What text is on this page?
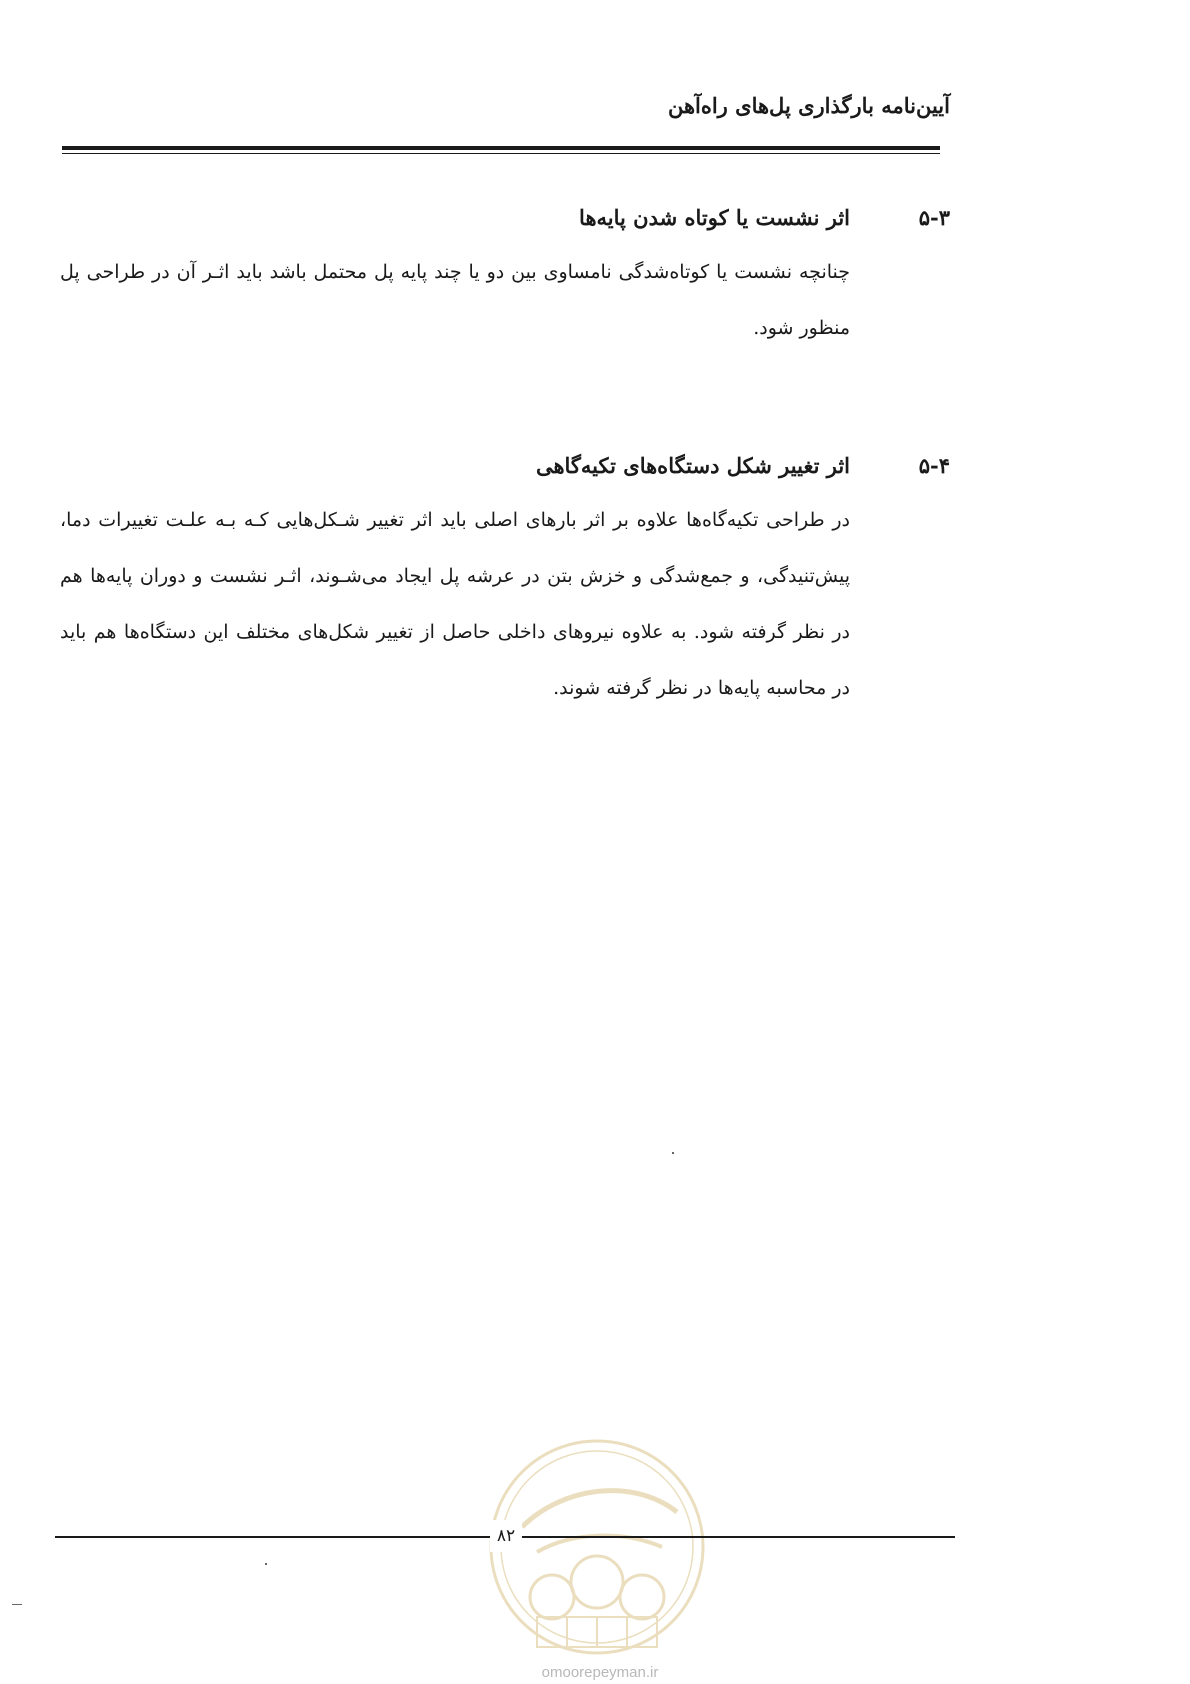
آیین‌نامه بارگذاری پل‌های راه‌آهن
۵-۳
اثر نشست یا کوتاه شدن پایه‌ها

چنانچه نشست یا کوتاه‌شدگی نامساوی بین دو یا چند پایه پل محتمل باشد باید اثـر آن در طراحی پل منظور شود.

۵-۴
اثر تغییر شکل دستگاه‌های تکیه‌گاهی

در طراحی تکیه‌گاه‌ها علاوه بر اثر بارهای اصلی باید اثر تغییر شـکل‌هایی کـه بـه علـت تغییرات دما، پیش‌تنیدگی، و جمع‌شدگی و خزش بتن در عرشه پل ایجاد می‌شـوند، اثـر نشست و دوران پایه‌ها هم در نظر گرفته شود. به علاوه نیروهای داخلی حاصل از تغییر شکل‌های مختلف این دستگاه‌ها هم باید در محاسبه پایه‌ها در نظر گرفته شوند.

۸۲
omoorepeyman.ir
